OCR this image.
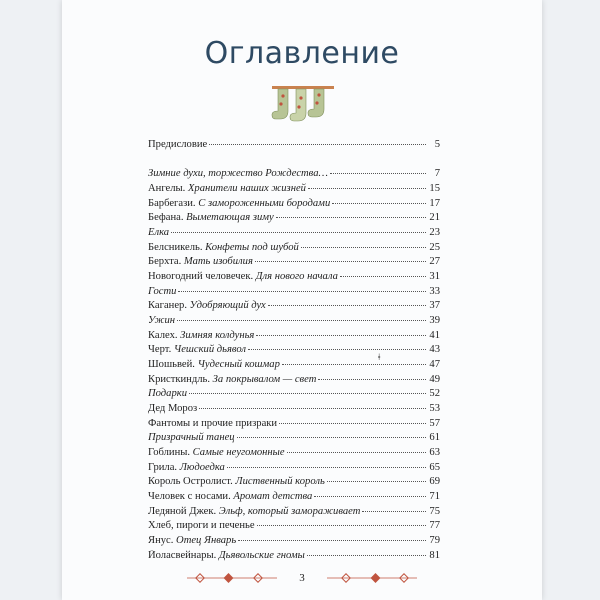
Оглавление
Предисловие	5
Зимние духи, торжество Рождества…	7
Ангелы. Хранители наших жизней	15
Барбегази. С замороженными бородами	17
Бефана. Выметающая зиму	21
Елка	23
Белсникель. Конфеты под шубой	25
Берхта. Мать изобилия	27
Новогодний человечек. Для нового начала	31
Гости	33
Каганер. Удобряющий дух	37
Ужин	39
Калех. Зимняя колдунья	41
Черт. Чешский дьявол	43
Шошьвей. Чудесный кошмар	47
Кристкиндль. За покрывалом — свет	49
Подарки	52
Дед Мороз	53
Фантомы и прочие призраки	57
Призрачный танец	61
Гоблины. Самые неугомонные	63
Грила. Людоедка	65
Король Остролист. Лиственный король	69
Человек с носами. Аромат детства	71
Ледяной Джек. Эльф, который замораживает	75
Хлеб, пироги и печенье	77
Янус. Отец Январь	79
Йоласвейнары. Дьявольские гномы	81
ǂ
3
